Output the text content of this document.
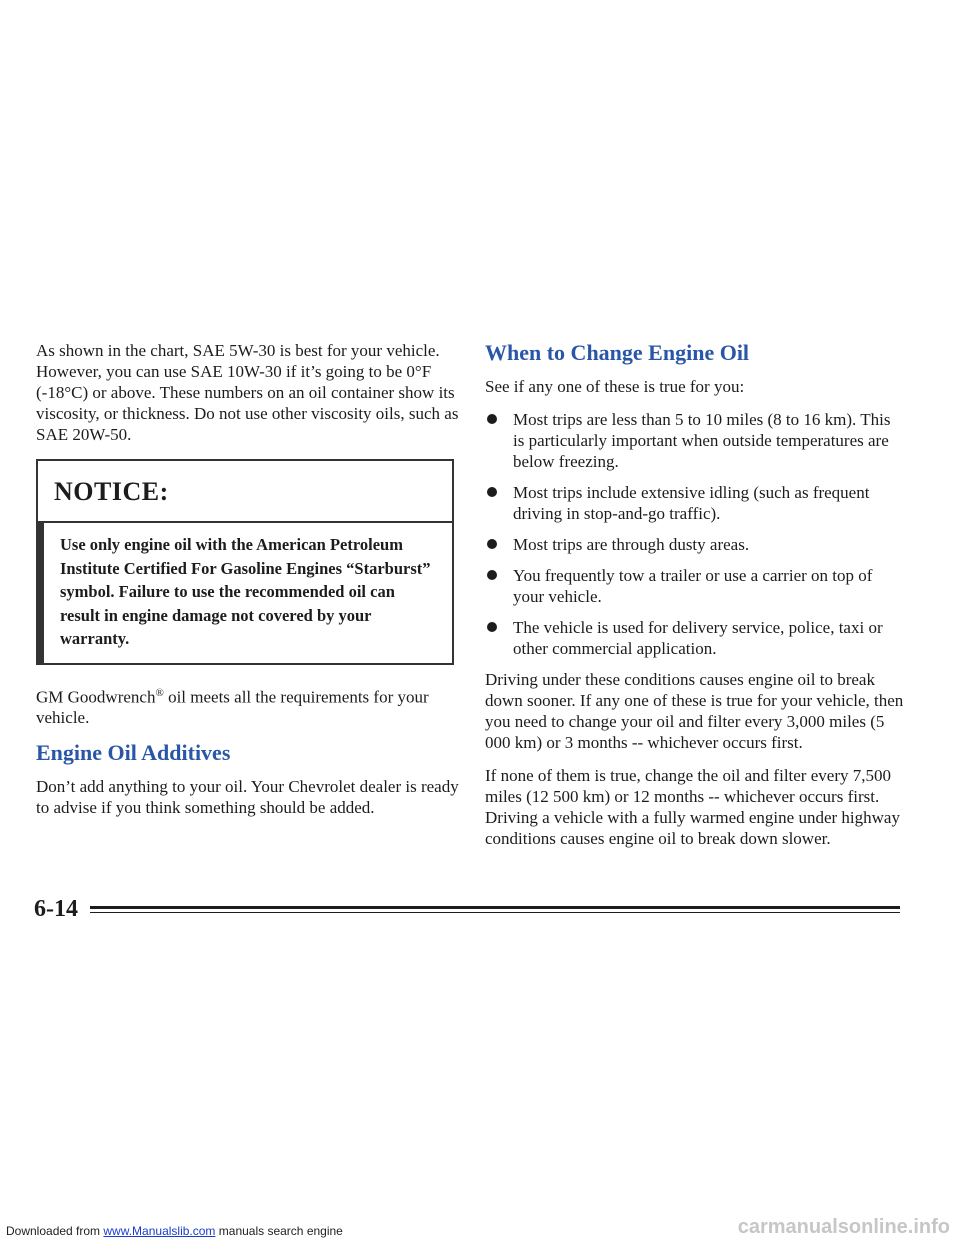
As shown in the chart, SAE 5W-30 is best for your vehicle. However, you can use SAE 10W-30 if it’s going to be 0°F (-18°C) or above. These numbers on an oil container show its viscosity, or thickness. Do not use other viscosity oils, such as SAE 20W-50.

NOTICE:
Use only engine oil with the American Petroleum Institute Certified For Gasoline Engines “Starburst” symbol. Failure to use the recommended oil can result in engine damage not covered by your warranty.

GM Goodwrench® oil meets all the requirements for your vehicle.

Engine Oil Additives

Don’t add anything to your oil. Your Chevrolet dealer is ready to advise if you think something should be added.

When to Change Engine Oil

See if any one of these is true for you:

Most trips are less than 5 to 10 miles (8 to 16 km). This is particularly important when outside temperatures are below freezing.
Most trips include extensive idling (such as frequent driving in stop-and-go traffic).
Most trips are through dusty areas.
You frequently tow a trailer or use a carrier on top of your vehicle.
The vehicle is used for delivery service, police, taxi or other commercial application.

Driving under these conditions causes engine oil to break down sooner. If any one of these is true for your vehicle, then you need to change your oil and filter every 3,000 miles (5 000 km) or 3 months -- whichever occurs first.

If none of them is true, change the oil and filter every 7,500 miles (12 500 km) or 12 months -- whichever occurs first. Driving a vehicle with a fully warmed engine under highway conditions causes engine oil to break down slower.

6-14
Downloaded from www.Manualslib.com manuals search engine	carmanualsonline.info
